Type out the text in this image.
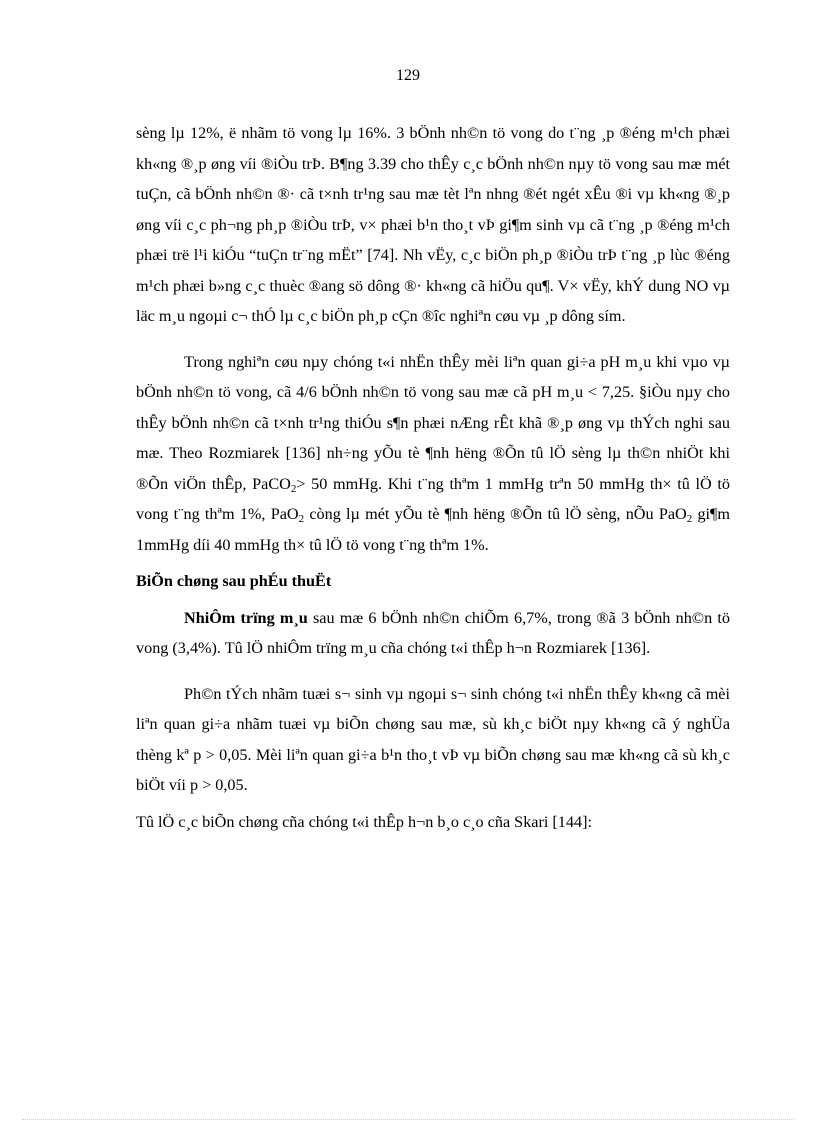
129

sèng lµ 12%, ë nhãm tö vong lµ 16%. 3 bÖnh nh©n tö vong do t¨ng ¸p ®éng m¹ch phæi kh«ng ®¸p øng víi ®iÒu trÞ. B¶ng 3.39 cho thÊy c¸c bÖnh nh©n nµy tö vong sau mæ mét tuÇn, cã bÖnh nh©n ®· cã t×nh tr¹ng sau mæ tèt lªn nhng ®ét ngét xÊu ®i vµ kh«ng ®¸p øng víi c¸c ph¬ng ph¸p ®iÒu trÞ, v× phæi b¹n tho¸t vÞ gi¶m sinh vµ cã t¨ng ¸p ®éng m¹ch phæi trë l¹i kiÓu “tuÇn tr¨ng mËt” [74]. Nh vËy, c¸c biÖn ph¸p ®iÒu trÞ t¨ng ¸p lùc ®éng m¹ch phæi b»ng c¸c thuèc ®ang sö dông ®· kh«ng cã hiÖu qu¶. V× vËy, khÝ dung NO vµ läc m¸u ngoµi c¬ thÓ lµ c¸c biÖn ph¸p cÇn ®îc nghiªn cøu vµ ¸p dông sím.

Trong nghiªn cøu nµy chóng t«i nhËn thÊy mèi liªn quan gi÷a pH m¸u khi vµo vµ bÖnh nh©n tö vong, cã 4/6 bÖnh nh©n tö vong sau mæ cã pH m¸u < 7,25. §iÒu nµy cho thÊy bÖnh nh©n cã t×nh tr¹ng thiÓu s¶n phæi nÆng rÊt khã ®¸p øng vµ thÝch nghi sau mæ. Theo Rozmiarek [136] nh÷ng yÕu tè ¶nh hëng ®Õn tû lÖ sèng lµ th©n nhiÖt khi ®Õn viÖn thÊp, PaCO$_2$> 50 mmHg. Khi t¨ng thªm 1 mmHg trªn 50 mmHg th× tû lÖ tö vong t¨ng thªm 1%, PaO$_2$ còng lµ mét yÕu tè ¶nh hëng ®Õn tû lÖ sèng, nÕu PaO$_2$ gi¶m 1mmHg díi 40 mmHg th× tû lÖ tö vong t¨ng thªm 1%.

BiÕn chøng sau phÉu thuËt

NhiÔm trïng m¸u sau mæ 6 bÖnh nh©n chiÕm 6,7%, trong ®ã 3 bÖnh nh©n tö vong (3,4%). Tû lÖ nhiÔm trïng m¸u cña chóng t«i thÊp h¬n Rozmiarek [136].

Ph©n tÝch nhãm tuæi s¬ sinh vµ ngoµi s¬ sinh chóng t«i nhËn thÊy kh«ng cã mèi liªn quan gi÷a nhãm tuæi vµ biÕn chøng sau mæ, sù kh¸c biÖt nµy kh«ng cã ý nghÜa thèng kª p > 0,05. Mèi liªn quan gi÷a b¹n tho¸t vÞ vµ biÕn chøng sau mæ kh«ng cã sù kh¸c biÖt víi p > 0,05.

Tû lÖ c¸c biÕn chøng cña chóng t«i thÊp h¬n b¸o c¸o cña Skari [144]:
